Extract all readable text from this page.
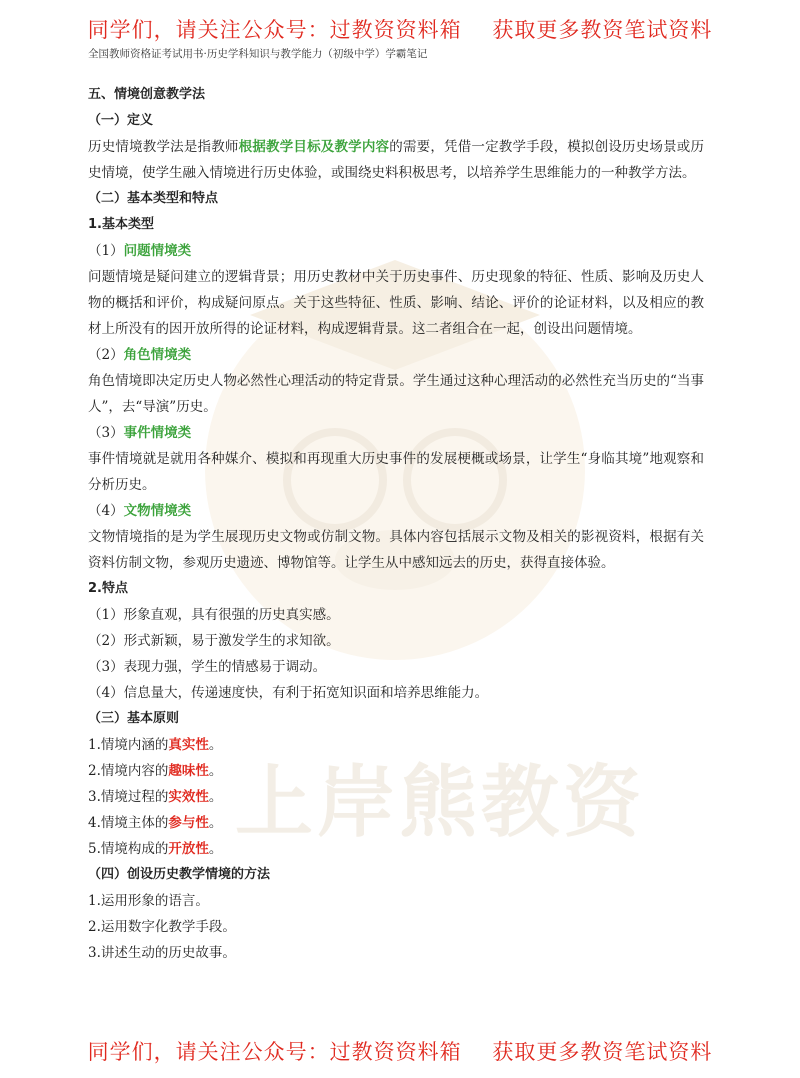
同学们，请关注公众号：过教资资料箱    获取更多教资笔试资料
全国教师资格证考试用书·历史学科知识与教学能力（初级中学）学霸笔记
上岸熊教资
五、情境创意教学法
（一）定义
历史情境教学法是指教师根据教学目标及教学内容的需要，凭借一定教学手段，模拟创设历史场景或历史情境，使学生融入情境进行历史体验，或围绕史料积极思考，以培养学生思维能力的一种教学方法。
（二）基本类型和特点
1.基本类型
（1）问题情境类
问题情境是疑问建立的逻辑背景；用历史教材中关于历史事件、历史现象的特征、性质、影响及历史人物的概括和评价，构成疑问原点。关于这些特征、性质、影响、结论、评价的论证材料，以及相应的教材上所没有的因开放所得的论证材料，构成逻辑背景。这二者组合在一起，创设出问题情境。
（2）角色情境类
角色情境即决定历史人物必然性心理活动的特定背景。学生通过这种心理活动的必然性充当历史的“当事人”，去“导演”历史。
（3）事件情境类
事件情境就是就用各种媒介、模拟和再现重大历史事件的发展梗概或场景，让学生“身临其境”地观察和分析历史。
（4）文物情境类
文物情境指的是为学生展现历史文物或仿制文物。具体内容包括展示文物及相关的影视资料，根据有关资料仿制文物，参观历史遗迹、博物馆等。让学生从中感知远去的历史，获得直接体验。
2.特点
（1）形象直观，具有很强的历史真实感。
（2）形式新颖，易于激发学生的求知欲。
（3）表现力强，学生的情感易于调动。
（4）信息量大，传递速度快，有利于拓宽知识面和培养思维能力。
（三）基本原则
1.情境内涵的真实性。
2.情境内容的趣味性。
3.情境过程的实效性。
4.情境主体的参与性。
5.情境构成的开放性。
（四）创设历史教学情境的方法
1.运用形象的语言。
2.运用数字化教学手段。
3.讲述生动的历史故事。
同学们，请关注公众号：过教资资料箱    获取更多教资笔试资料
